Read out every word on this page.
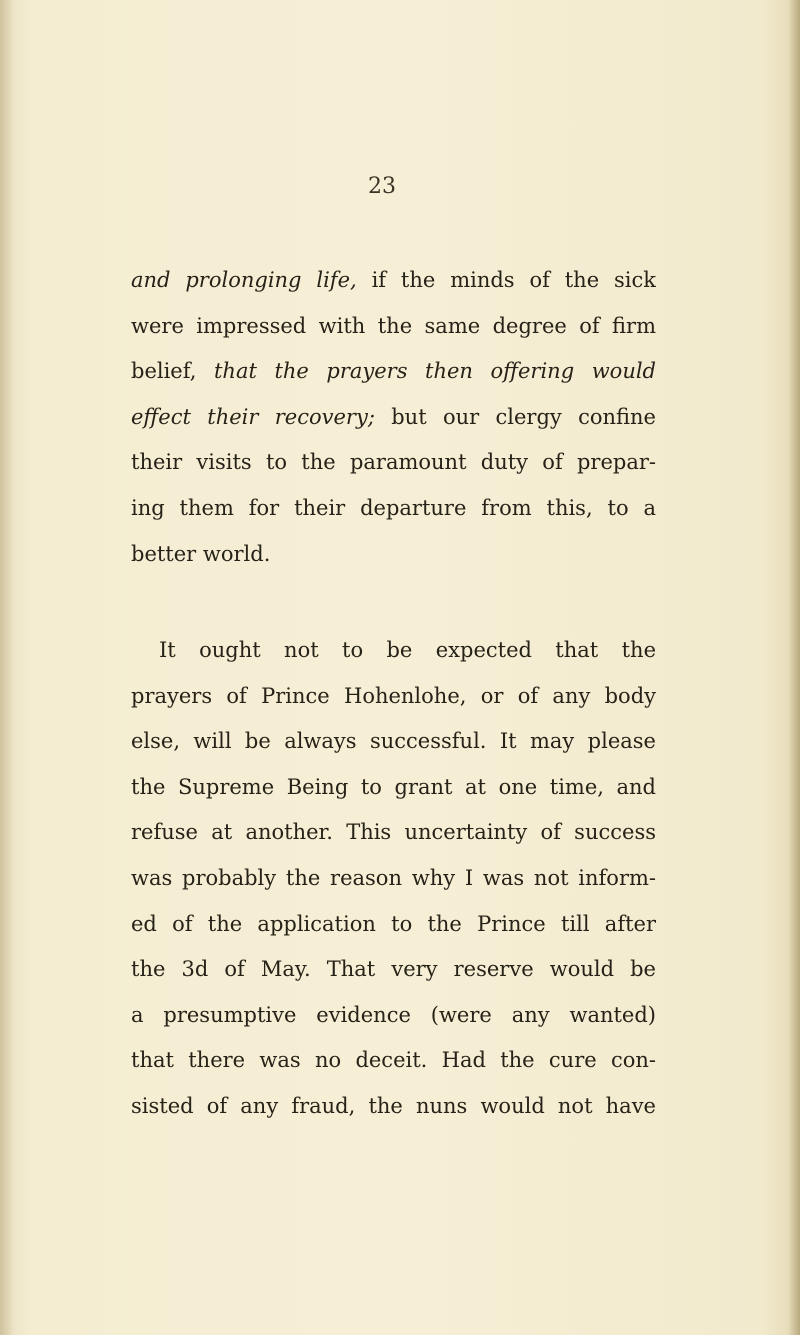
23
and prolonging life, if the minds of the sick
were impressed with the same degree of firm
belief, that the prayers then offering would
effect their recovery; but our clergy confine
their visits to the paramount duty of prepar-
ing them for their departure from this, to a
better world.
It ought not to be expected that the
prayers of Prince Hohenlohe, or of any body
else, will be always successful. It may please
the Supreme Being to grant at one time, and
refuse at another. This uncertainty of success
was probably the reason why I was not inform-
ed of the application to the Prince till after
the 3d of May. That very reserve would be
a presumptive evidence (were any wanted)
that there was no deceit. Had the cure con-
sisted of any fraud, the nuns would not have
